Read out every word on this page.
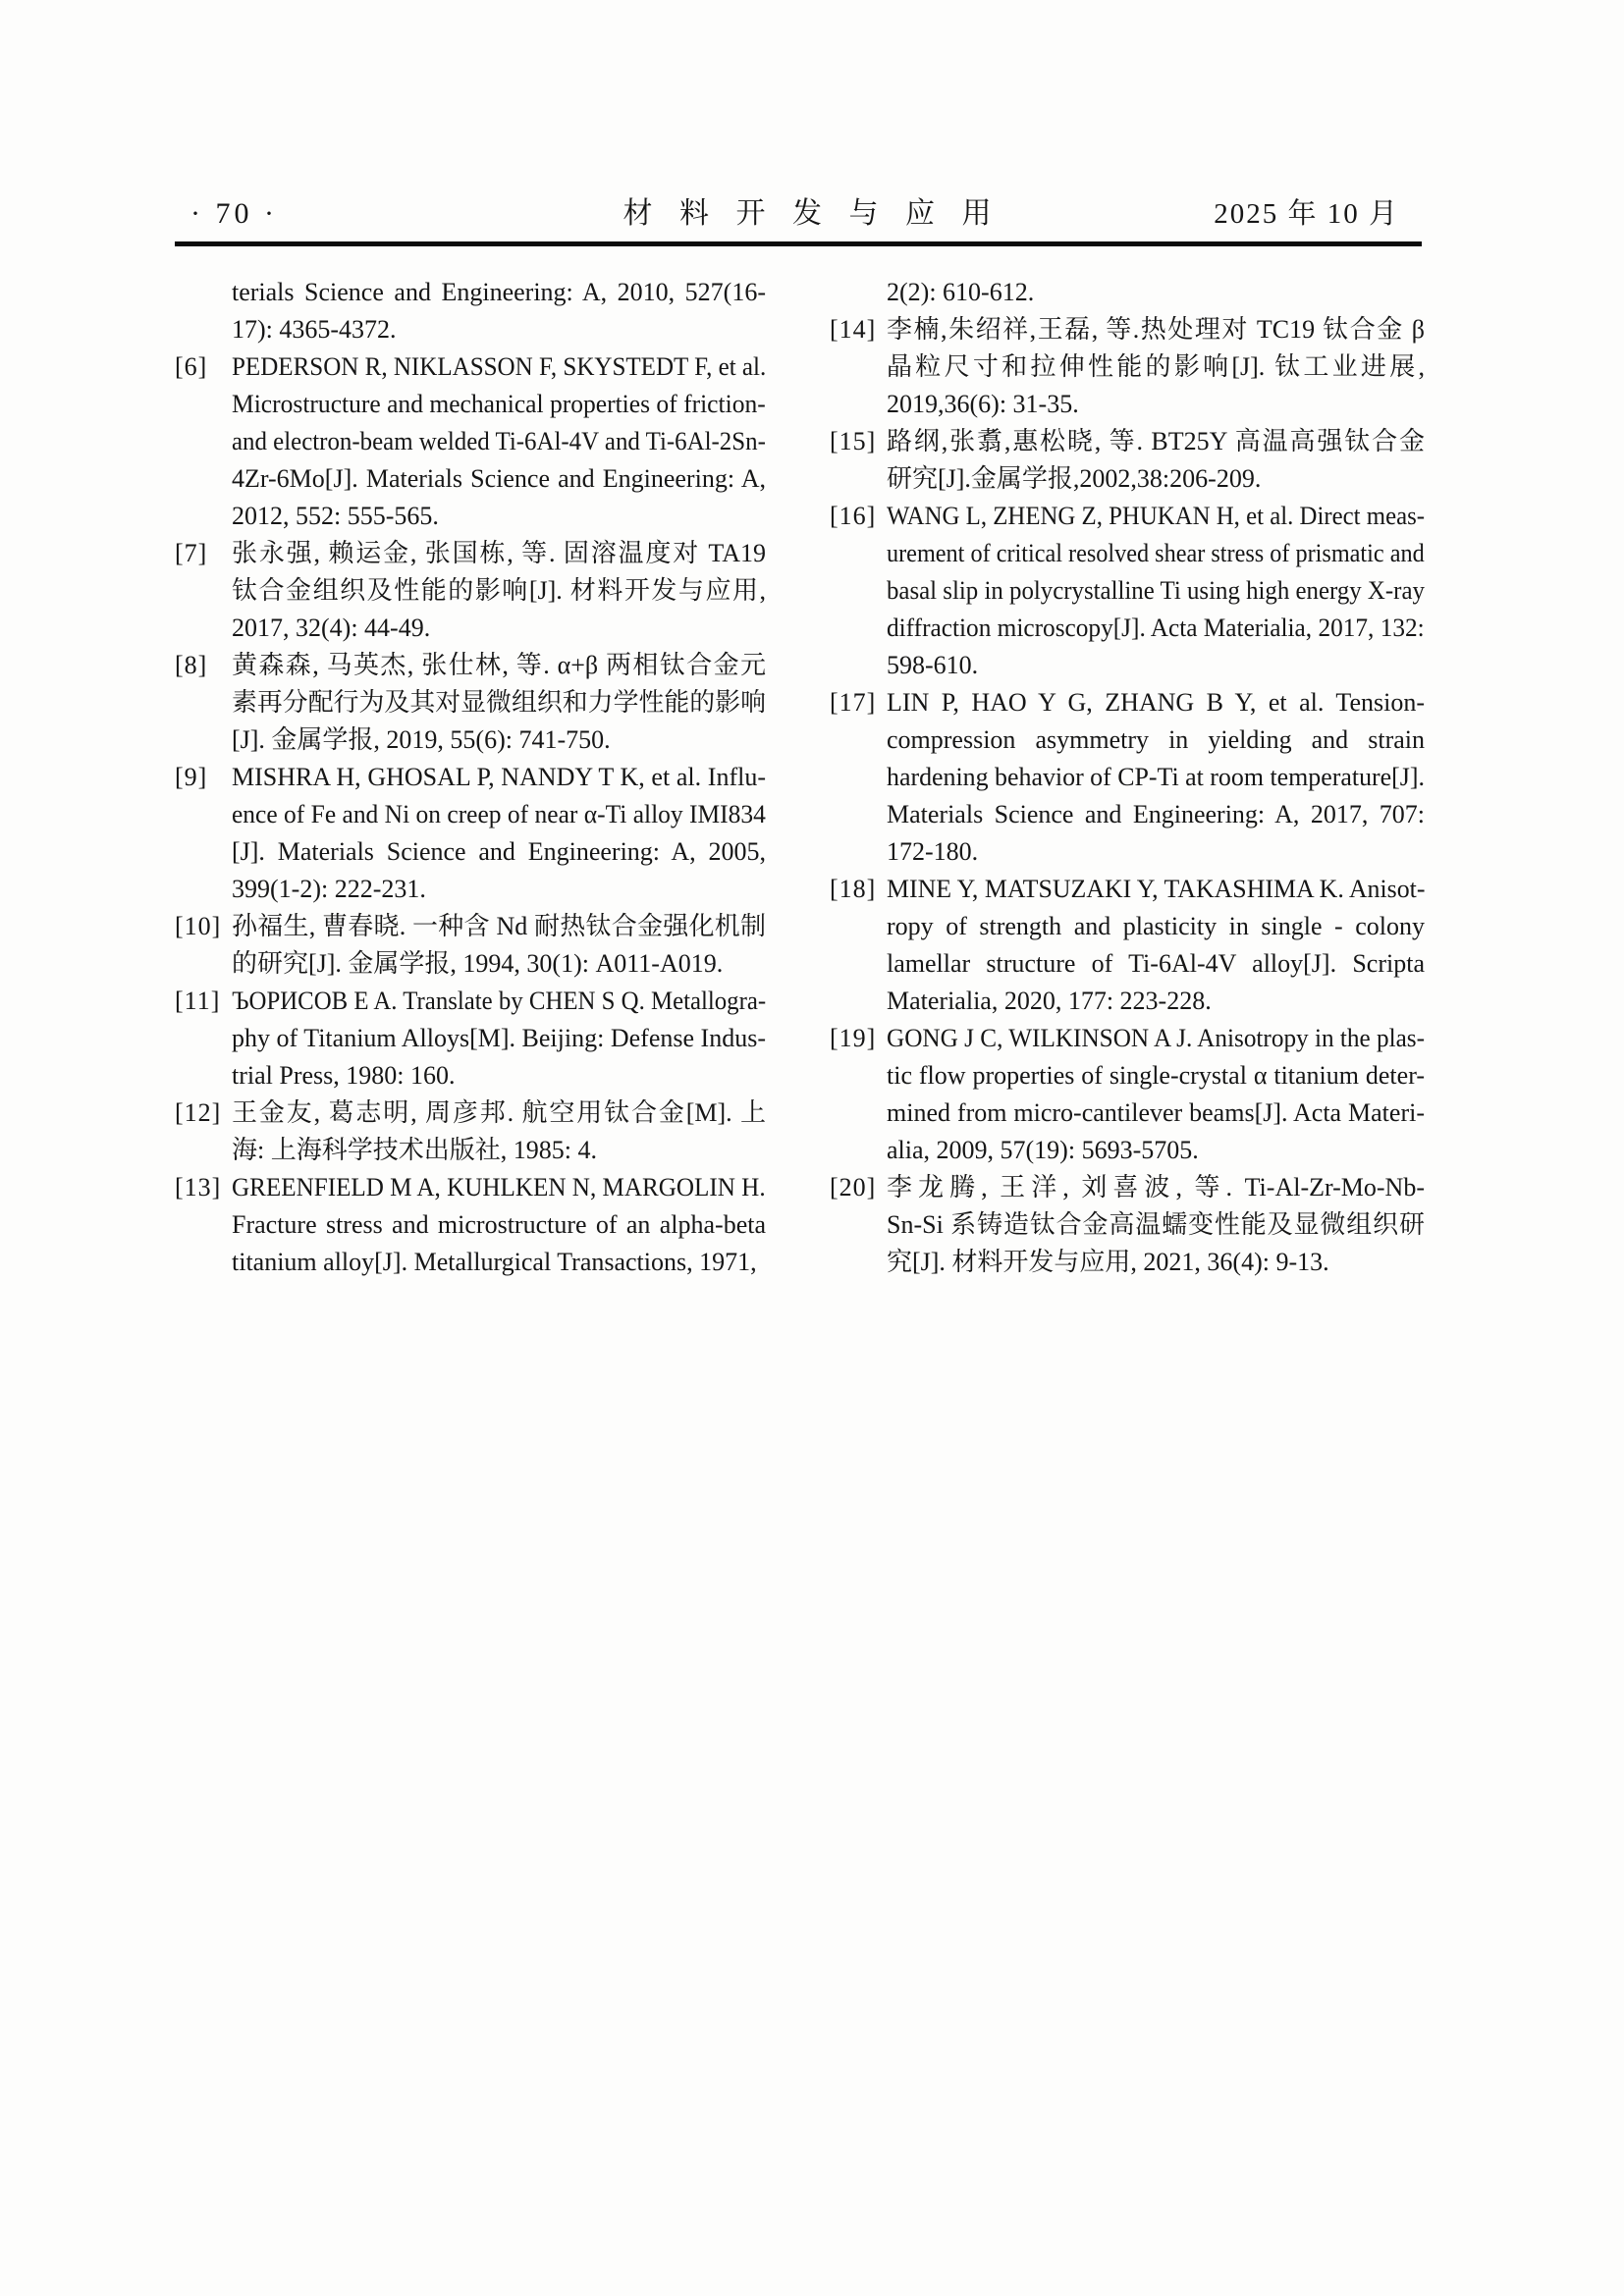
· 70 ·	材 料 开 发 与 应 用	2025 年 10 月
terials Science and Engineering: A, 2010, 527(16-
17): 4365-4372.
[6] PEDERSON R, NIKLASSON F, SKYSTEDT F, et al.
Microstructure and mechanical properties of friction-
and electron-beam welded Ti-6Al-4V and Ti-6Al-2Sn-
4Zr-6Mo[J]. Materials Science and Engineering: A,
2012, 552: 555-565.
[7] 张永强, 赖运金, 张国栋, 等. 固溶温度对 TA19
钛合金组织及性能的影响[J]. 材料开发与应用,
2017, 32(4): 44-49.
[8] 黄森森, 马英杰, 张仕林, 等. α+β 两相钛合金元
素再分配行为及其对显微组织和力学性能的影响
[J]. 金属学报, 2019, 55(6): 741-750.
[9] MISHRA H, GHOSAL P, NANDY T K, et al. Influ-
ence of Fe and Ni on creep of near α-Ti alloy IMI834
[J]. Materials Science and Engineering: A, 2005,
399(1-2): 222-231.
[10] 孙福生, 曹春晓. 一种含 Nd 耐热钛合金强化机制
的研究[J]. 金属学报, 1994, 30(1): A011-A019.
[11] ЪОРИСОВ E A. Translate by CHEN S Q. Metallogra-
phy of Titanium Alloys[M]. Beijing: Defense Indus-
trial Press, 1980: 160.
[12] 王金友, 葛志明, 周彦邦. 航空用钛合金[M]. 上
海: 上海科学技术出版社, 1985: 4.
[13] GREENFIELD M A, KUHLKEN N, MARGOLIN H.
Fracture stress and microstructure of an alpha-beta
titanium alloy[J]. Metallurgical Transactions, 1971,
2(2): 610-612.
[14] 李楠,朱绍祥,王磊, 等.热处理对 TC19 钛合金 β
晶粒尺寸和拉伸性能的影响[J]. 钛工业进展,
2019,36(6): 31-35.
[15] 路纲,张翥,惠松晓, 等. BT25Y 高温高强钛合金
研究[J].金属学报,2002,38:206-209.
[16] WANG L, ZHENG Z, PHUKAN H, et al. Direct meas-
urement of critical resolved shear stress of prismatic and
basal slip in polycrystalline Ti using high energy X-ray
diffraction microscopy[J]. Acta Materialia, 2017, 132:
598-610.
[17] LIN P, HAO Y G, ZHANG B Y, et al. Tension-
compression asymmetry in yielding and strain
hardening behavior of CP-Ti at room temperature[J].
Materials Science and Engineering: A, 2017, 707:
172-180.
[18] MINE Y, MATSUZAKI Y, TAKASHIMA K. Anisot-
ropy of strength and plasticity in single - colony
lamellar structure of Ti-6Al-4V alloy[J]. Scripta
Materialia, 2020, 177: 223-228.
[19] GONG J C, WILKINSON A J. Anisotropy in the plas-
tic flow properties of single-crystal α titanium deter-
mined from micro-cantilever beams[J]. Acta Materi-
alia, 2009, 57(19): 5693-5705.
[20] 李龙腾, 王洋, 刘喜波, 等. Ti-Al-Zr-Mo-Nb-
Sn-Si 系铸造钛合金高温蠕变性能及显微组织研
究[J]. 材料开发与应用, 2021, 36(4): 9-13.
